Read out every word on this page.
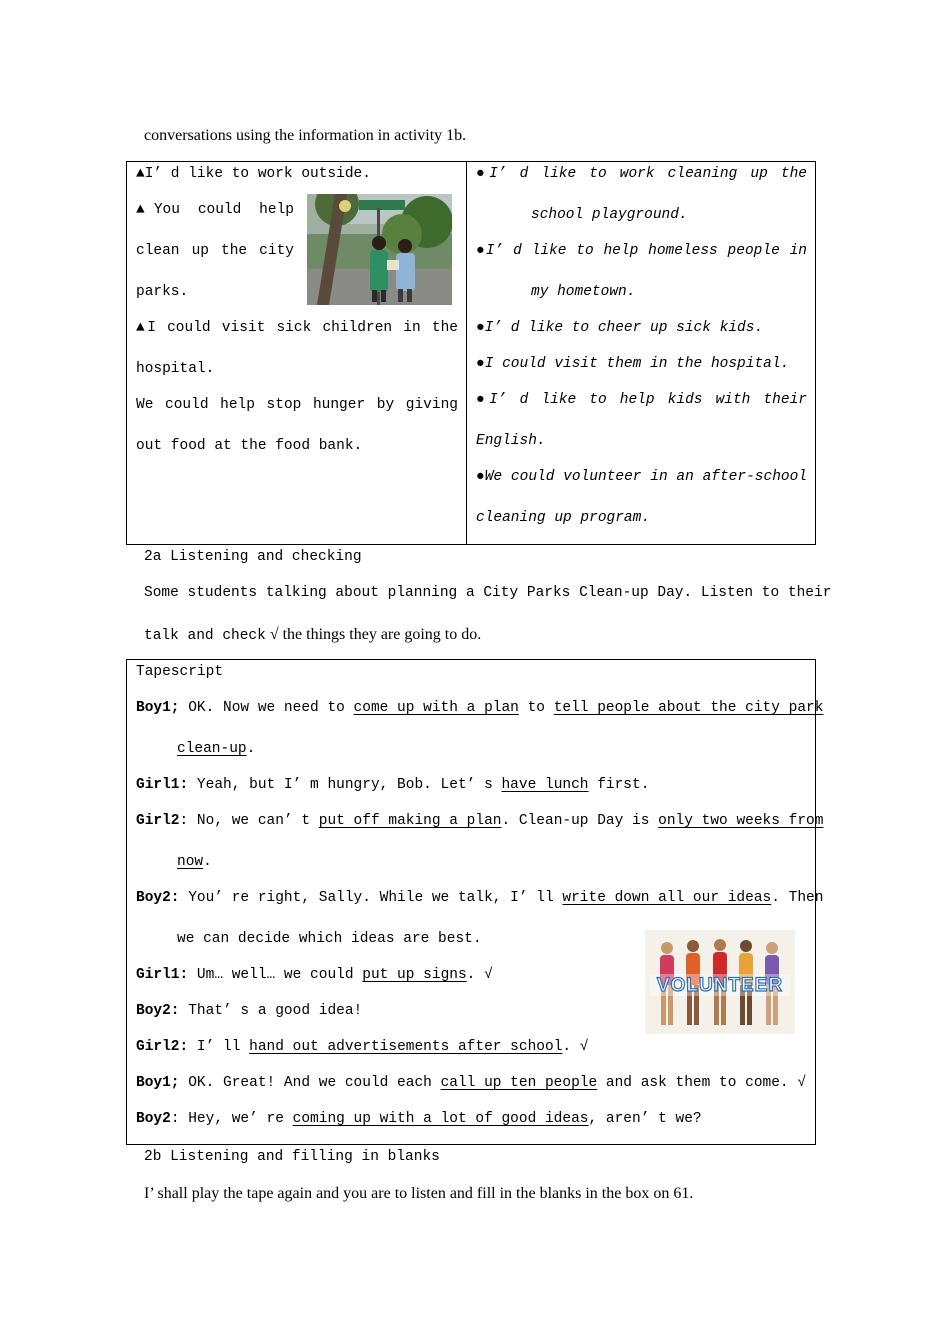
conversations using the information in activity 1b.
▲I’ d like to work outside.
▲You could help
clean up the city
parks.
▲I could visit sick children in the
hospital.
We could help stop hunger by giving
out food at the food bank.
●I’ d like to work cleaning up the
school playground.
●I’ d like to help homeless people in
my hometown.
●I’ d like to cheer up sick kids.
●I could visit them in the hospital.
●I’ d like to help kids with their
English.
●We could volunteer in an after-school
cleaning up program.
2a Listening and checking
Some students talking about planning a City Parks Clean-up Day. Listen to their
talk and check √ the things they are going to do.
Tapescript
Boy1; OK. Now we need to come up with a plan to tell people about the city park
clean-up.
Girl1: Yeah, but I’ m hungry, Bob. Let’ s have lunch first.
Girl2: No, we can’ t put off making a plan. Clean-up Day is only two weeks from
now.
Boy2: You’ re right, Sally. While we talk, I’ ll write down all our ideas. Then
we can decide which ideas are best.
Girl1: Um… well… we could put up signs. √
Boy2: That’ s a good idea!
Girl2: I’ ll hand out advertisements after school. √
Boy1; OK. Great! And we could each call up ten people and ask them to come. √
Boy2: Hey, we’ re coming up with a lot of good ideas, aren’ t we?
VOLUNTEER
2b Listening and filling in blanks
I’ shall play the tape again and you are to listen and fill in the blanks in the box on 61.
